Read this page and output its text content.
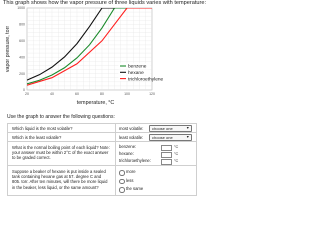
This graph shows how the vapor pressure of three liquids varies with temperature:
20	40	60	80	100	120
0
200
400
600
800
1000
temperature, °C
vapor pressure, torr	benzene
hexane
trichloroethylene
Use the graph to answer the following questions:
Which liquid is the most volatile?	most volatile:	choose one	▼
Which is the least volatile?	least volatile:	choose one	▼
What is the normal boiling point of each liquid? Note: your answer must be within 2°C of the exact answer to be graded correct.
benzene:	°C
hexane:	°C
trichloroethylene:	°C
Suppose a beaker of hexane is put inside a sealed tank containing hexane gas at 57. degree C and 805. torr. After ten minutes, will there be more liquid in the beaker, less liquid, or the same amount?
more
less
the same
